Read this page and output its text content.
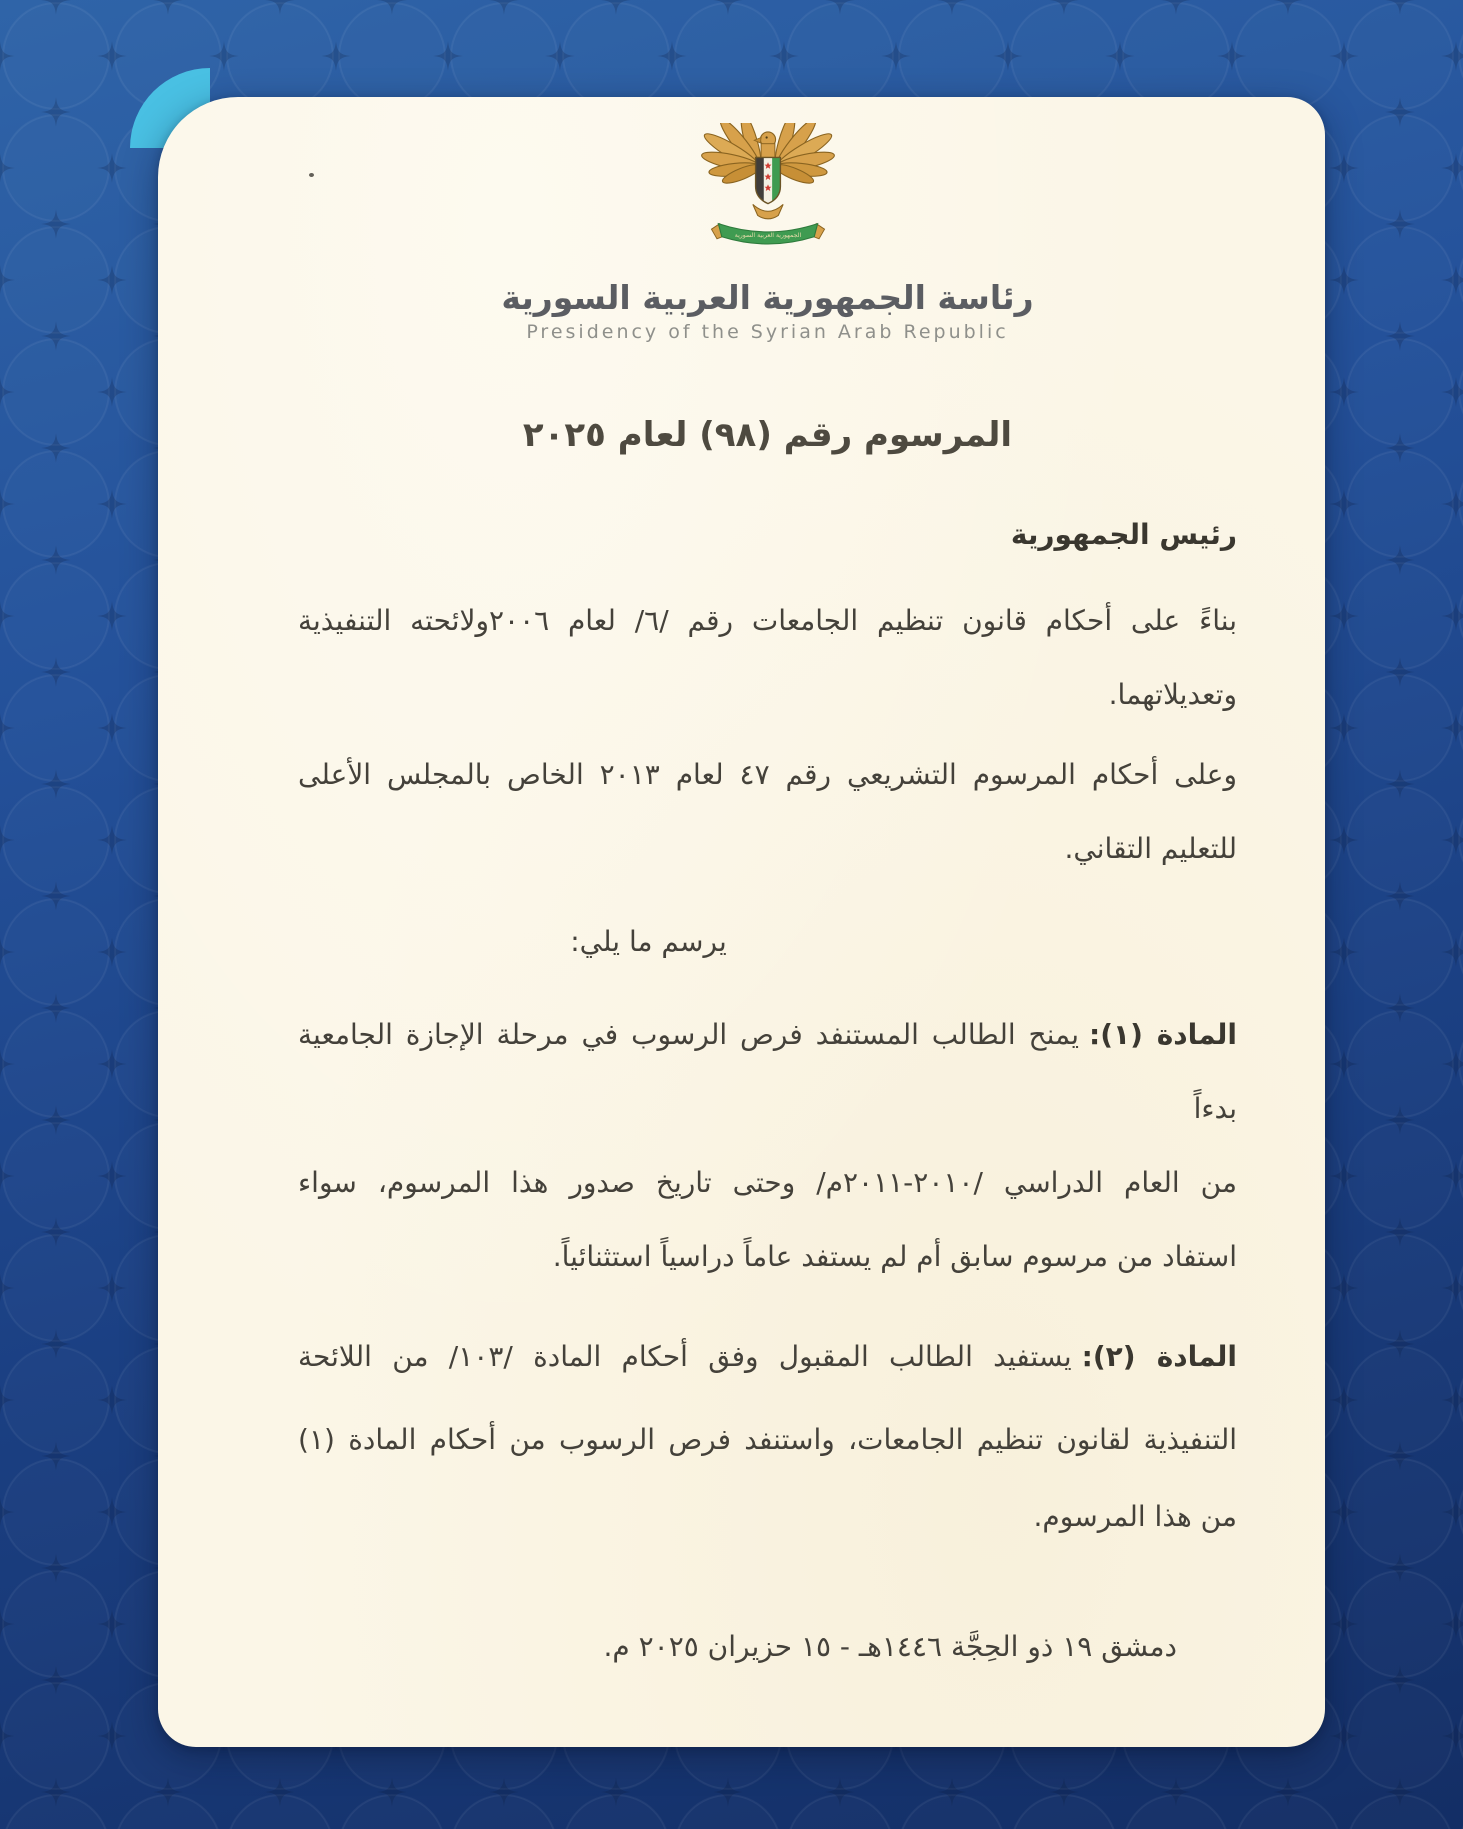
الجمهورية العربية السورية
رئاسة الجمهورية العربية السورية
Presidency of the Syrian Arab Republic
المرسوم رقم (٩٨) لعام ٢٠٢٥
رئيس الجمهورية
بناءً على أحكام قانون تنظيم الجامعات رقم /٦/ لعام ٢٠٠٦ولائحته التنفيذية
وتعديلاتهما.
وعلى أحكام المرسوم التشريعي رقم ٤٧ لعام ٢٠١٣ الخاص بالمجلس الأعلى
للتعليم التقاني.
يرسم ما يلي:
المادة (١):يمنح الطالب المستنفد فرص الرسوب في مرحلة الإجازة الجامعية بدءاً
من العام الدراسي /٢٠١٠-٢٠١١م/ وحتى تاريخ صدور هذا المرسوم، سواء
استفاد من مرسوم سابق أم لم يستفد عاماً دراسياً استثنائياً.
المادة (٢):يستفيد الطالب المقبول وفق أحكام المادة /١٠٣/ من اللائحة
التنفيذية لقانون تنظيم الجامعات، واستنفد فرص الرسوب من أحكام المادة (١)
من هذا المرسوم.
دمشق ١٩ ذو الحِجَّة ١٤٤٦هـ - ١٥ حزيران ٢٠٢٥ م.
